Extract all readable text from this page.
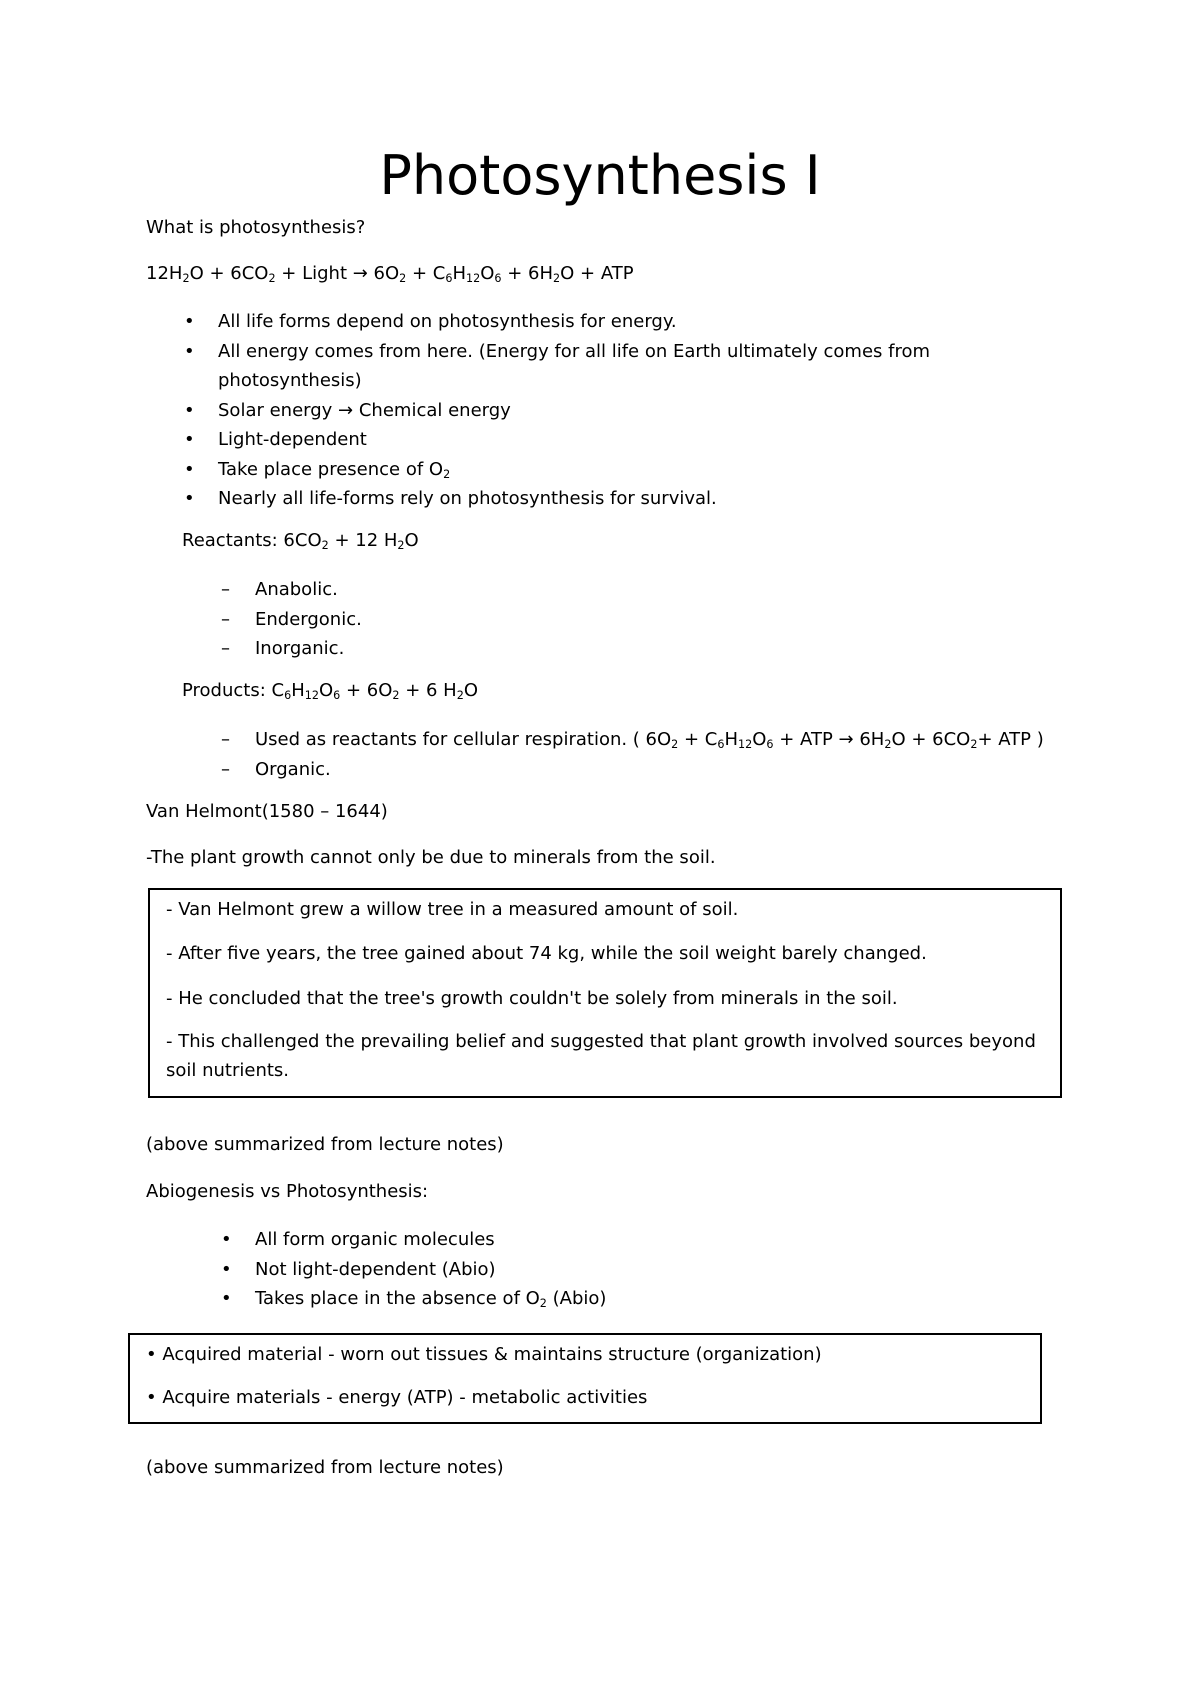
Photosynthesis I
What is photosynthesis?
$12H_2O + 6CO_2$ + Light → $6O_2 + C_6H_{12}O_6 + 6H_2O$ + ATP
• All life forms depend on photosynthesis for energy.
• All energy comes from here. (Energy for all life on Earth ultimately comes from
photosynthesis)
• Solar energy → Chemical energy
• Light-dependent
• Take place presence of $O_2$
• Nearly all life-forms rely on photosynthesis for survival.
Reactants: $6CO_2 + 12$ $H_2O$
– Anabolic.
– Endergonic.
– Inorganic.
Products: $C_6H_{12}O_6 + 6O_2 + 6$ $H_2O$
– Used as reactants for cellular respiration. ( $6O_2 + C_6H_{12}O_6$ + ATP → $6H_2O + 6CO_2+$ ATP )
– Organic.
Van Helmont(1580 – 1644)
-The plant growth cannot only be due to minerals from the soil.

- Van Helmont grew a willow tree in a measured amount of soil.

- After five years, the tree gained about 74 kg, while the soil weight barely changed.

- He concluded that the tree's growth couldn't be solely from minerals in the soil.

- This challenged the prevailing belief and suggested that plant growth involved sources beyond soil nutrients.

(above summarized from lecture notes)
Abiogenesis vs Photosynthesis:
• All form organic molecules
• Not light-dependent (Abio)
• Takes place in the absence of $O_2$ (Abio)

• Acquired material - worn out tissues & maintains structure (organization)

• Acquire materials - energy (ATP) - metabolic activities

(above summarized from lecture notes)
